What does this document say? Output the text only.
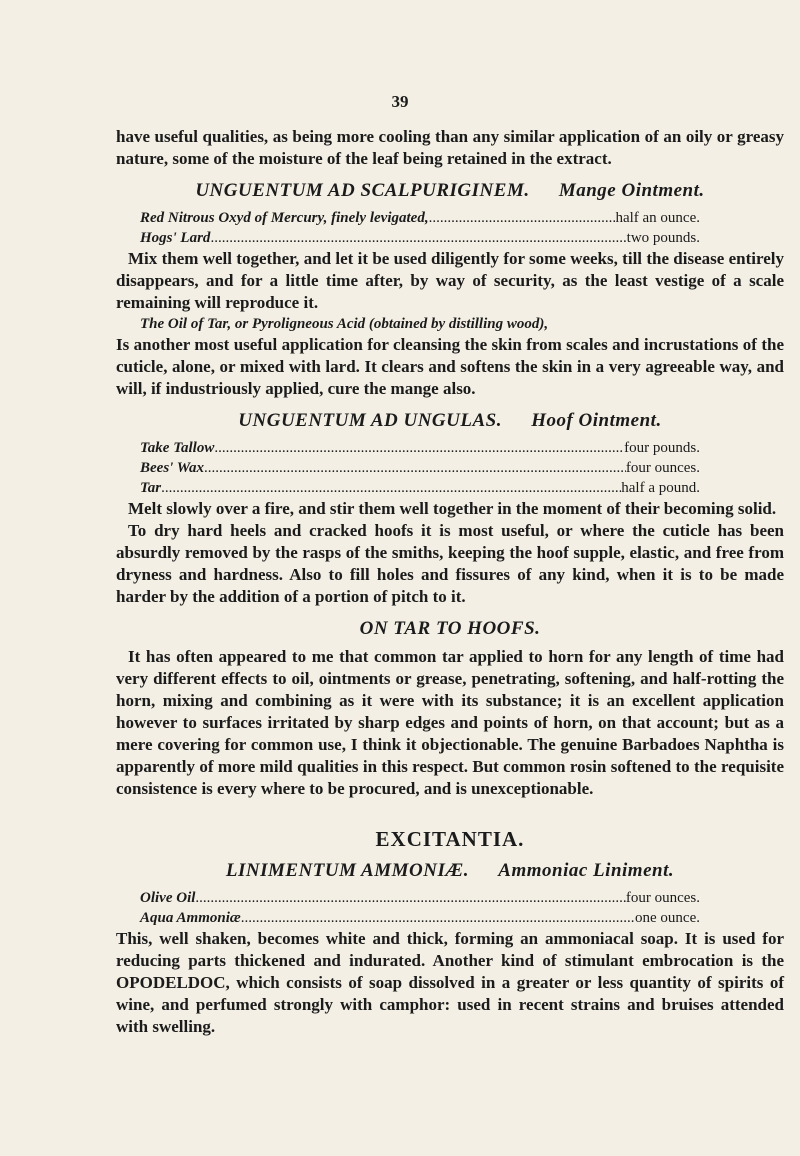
39

have useful qualities, as being more cooling than any similar application of an oily or greasy nature, some of the moisture of the leaf being retained in the extract.

UNGUENTUM AD SCALPURIGINEM. Mange Ointment.
Red Nitrous Oxyd of Mercury, finely levigated, .....	half an ounce.
Hogs' Lard .....	two pounds.

Mix them well together, and let it be used diligently for some weeks, till the disease entirely disappears, and for a little time after, by way of security, as the least vestige of a scale remaining will reproduce it.

The Oil of Tar, or Pyroligneous Acid (obtained by distilling wood),

Is another most useful application for cleansing the skin from scales and incrustations of the cuticle, alone, or mixed with lard. It clears and softens the skin in a very agreeable way, and will, if industriously applied, cure the mange also.

UNGUENTUM AD UNGULAS. Hoof Ointment.
Take Tallow .....	four pounds.
Bees' Wax .....	four ounces.
Tar .....	half a pound.

Melt slowly over a fire, and stir them well together in the moment of their becoming solid.

To dry hard heels and cracked hoofs it is most useful, or where the cuticle has been absurdly removed by the rasps of the smiths, keeping the hoof supple, elastic, and free from dryness and hardness. Also to fill holes and fissures of any kind, when it is to be made harder by the addition of a portion of pitch to it.

ON TAR TO HOOFS.

It has often appeared to me that common tar applied to horn for any length of time had very different effects to oil, ointments or grease, penetrating, softening, and half-rotting the horn, mixing and combining as it were with its substance; it is an excellent application however to surfaces irritated by sharp edges and points of horn, on that account; but as a mere covering for common use, I think it objectionable. The genuine Barbadoes Naphtha is apparently of more mild qualities in this respect. But common rosin softened to the requisite consistence is every where to be procured, and is unexceptionable.

EXCITANTIA.
LINIMENTUM AMMONIÆ. Ammoniac Liniment.
Olive Oil .....	four ounces.
Aqua Ammoniæ .....	one ounce.

This, well shaken, becomes white and thick, forming an ammoniacal soap. It is used for reducing parts thickened and indurated. Another kind of stimulant embrocation is the OPODELDOC, which consists of soap dissolved in a greater or less quantity of spirits of wine, and perfumed strongly with camphor: used in recent strains and bruises attended with swelling.
